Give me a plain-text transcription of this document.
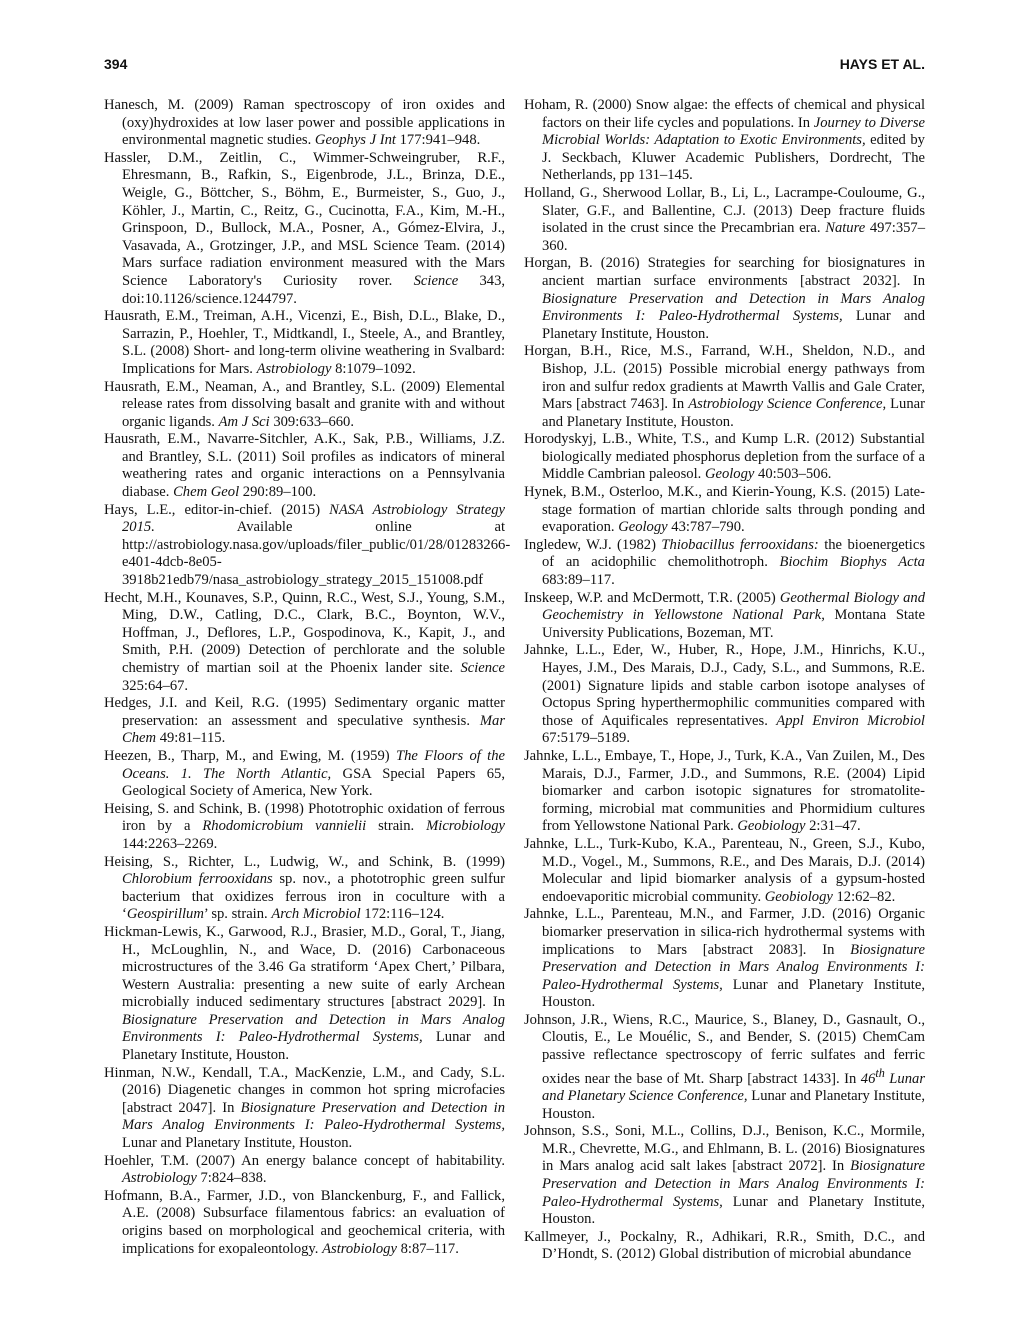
394	HAYS ET AL.

Hanesch, M. (2009) Raman spectroscopy of iron oxides and (oxy)hydroxides at low laser power and possible applications in environmental magnetic studies. Geophys J Int 177:941–948.

Hassler, D.M., Zeitlin, C., Wimmer-Schweingruber, R.F., Ehresmann, B., Rafkin, S., Eigenbrode, J.L., Brinza, D.E., Weigle, G., Böttcher, S., Böhm, E., Burmeister, S., Guo, J., Köhler, J., Martin, C., Reitz, G., Cucinotta, F.A., Kim, M.-H., Grinspoon, D., Bullock, M.A., Posner, A., Gómez-Elvira, J., Vasavada, A., Grotzinger, J.P., and MSL Science Team. (2014) Mars surface radiation environment measured with the Mars Science Laboratory's Curiosity rover. Science 343, doi:10.1126/science.1244797.

Hausrath, E.M., Treiman, A.H., Vicenzi, E., Bish, D.L., Blake, D., Sarrazin, P., Hoehler, T., Midtkandl, I., Steele, A., and Brantley, S.L. (2008) Short- and long-term olivine weathering in Svalbard: Implications for Mars. Astrobiology 8:1079–1092.

Hausrath, E.M., Neaman, A., and Brantley, S.L. (2009) Elemental release rates from dissolving basalt and granite with and without organic ligands. Am J Sci 309:633–660.

Hausrath, E.M., Navarre-Sitchler, A.K., Sak, P.B., Williams, J.Z. and Brantley, S.L. (2011) Soil profiles as indicators of mineral weathering rates and organic interactions on a Pennsylvania diabase. Chem Geol 290:89–100.

Hays, L.E., editor-in-chief. (2015) NASA Astrobiology Strategy 2015. Available online at http://astrobiology.nasa.gov/uploads/filer_public/01/28/01283266-e401-4dcb-8e05-3918b21edb79/nasa_astrobiology_strategy_2015_151008.pdf

Hecht, M.H., Kounaves, S.P., Quinn, R.C., West, S.J., Young, S.M., Ming, D.W., Catling, D.C., Clark, B.C., Boynton, W.V., Hoffman, J., Deflores, L.P., Gospodinova, K., Kapit, J., and Smith, P.H. (2009) Detection of perchlorate and the soluble chemistry of martian soil at the Phoenix lander site. Science 325:64–67.

Hedges, J.I. and Keil, R.G. (1995) Sedimentary organic matter preservation: an assessment and speculative synthesis. Mar Chem 49:81–115.

Heezen, B., Tharp, M., and Ewing, M. (1959) The Floors of the Oceans. 1. The North Atlantic, GSA Special Papers 65, Geological Society of America, New York.

Heising, S. and Schink, B. (1998) Phototrophic oxidation of ferrous iron by a Rhodomicrobium vannielii strain. Microbiology 144:2263–2269.

Heising, S., Richter, L., Ludwig, W., and Schink, B. (1999) Chlorobium ferrooxidans sp. nov., a phototrophic green sulfur bacterium that oxidizes ferrous iron in coculture with a ‘Geospirillum’ sp. strain. Arch Microbiol 172:116–124.

Hickman-Lewis, K., Garwood, R.J., Brasier, M.D., Goral, T., Jiang, H., McLoughlin, N., and Wace, D. (2016) Carbonaceous microstructures of the 3.46 Ga stratiform ‘Apex Chert,’ Pilbara, Western Australia: presenting a new suite of early Archean microbially induced sedimentary structures [abstract 2029]. In Biosignature Preservation and Detection in Mars Analog Environments I: Paleo-Hydrothermal Systems, Lunar and Planetary Institute, Houston.

Hinman, N.W., Kendall, T.A., MacKenzie, L.M., and Cady, S.L. (2016) Diagenetic changes in common hot spring microfacies [abstract 2047]. In Biosignature Preservation and Detection in Mars Analog Environments I: Paleo-Hydrothermal Systems, Lunar and Planetary Institute, Houston.

Hoehler, T.M. (2007) An energy balance concept of habitability. Astrobiology 7:824–838.

Hofmann, B.A., Farmer, J.D., von Blanckenburg, F., and Fallick, A.E. (2008) Subsurface filamentous fabrics: an evaluation of origins based on morphological and geochemical criteria, with implications for exopaleontology. Astrobiology 8:87–117.

Hoham, R. (2000) Snow algae: the effects of chemical and physical factors on their life cycles and populations. In Journey to Diverse Microbial Worlds: Adaptation to Exotic Environments, edited by J. Seckbach, Kluwer Academic Publishers, Dordrecht, The Netherlands, pp 131–145.

Holland, G., Sherwood Lollar, B., Li, L., Lacrampe-Couloume, G., Slater, G.F., and Ballentine, C.J. (2013) Deep fracture fluids isolated in the crust since the Precambrian era. Nature 497:357–360.

Horgan, B. (2016) Strategies for searching for biosignatures in ancient martian surface environments [abstract 2032]. In Biosignature Preservation and Detection in Mars Analog Environments I: Paleo-Hydrothermal Systems, Lunar and Planetary Institute, Houston.

Horgan, B.H., Rice, M.S., Farrand, W.H., Sheldon, N.D., and Bishop, J.L. (2015) Possible microbial energy pathways from iron and sulfur redox gradients at Mawrth Vallis and Gale Crater, Mars [abstract 7463]. In Astrobiology Science Conference, Lunar and Planetary Institute, Houston.

Horodyskyj, L.B., White, T.S., and Kump L.R. (2012) Substantial biologically mediated phosphorus depletion from the surface of a Middle Cambrian paleosol. Geology 40:503–506.

Hynek, B.M., Osterloo, M.K., and Kierin-Young, K.S. (2015) Late-stage formation of martian chloride salts through ponding and evaporation. Geology 43:787–790.

Ingledew, W.J. (1982) Thiobacillus ferrooxidans: the bioenergetics of an acidophilic chemolithotroph. Biochim Biophys Acta 683:89–117.

Inskeep, W.P. and McDermott, T.R. (2005) Geothermal Biology and Geochemistry in Yellowstone National Park, Montana State University Publications, Bozeman, MT.

Jahnke, L.L., Eder, W., Huber, R., Hope, J.M., Hinrichs, K.U., Hayes, J.M., Des Marais, D.J., Cady, S.L., and Summons, R.E. (2001) Signature lipids and stable carbon isotope analyses of Octopus Spring hyperthermophilic communities compared with those of Aquificales representatives. Appl Environ Microbiol 67:5179–5189.

Jahnke, L.L., Embaye, T., Hope, J., Turk, K.A., Van Zuilen, M., Des Marais, D.J., Farmer, J.D., and Summons, R.E. (2004) Lipid biomarker and carbon isotopic signatures for stromatolite-forming, microbial mat communities and Phormidium cultures from Yellowstone National Park. Geobiology 2:31–47.

Jahnke, L.L., Turk-Kubo, K.A., Parenteau, N., Green, S.J., Kubo, M.D., Vogel., M., Summons, R.E., and Des Marais, D.J. (2014) Molecular and lipid biomarker analysis of a gypsum-hosted endoevaporitic microbial community. Geobiology 12:62–82.

Jahnke, L.L., Parenteau, M.N., and Farmer, J.D. (2016) Organic biomarker preservation in silica-rich hydrothermal systems with implications to Mars [abstract 2083]. In Biosignature Preservation and Detection in Mars Analog Environments I: Paleo-Hydrothermal Systems, Lunar and Planetary Institute, Houston.

Johnson, J.R., Wiens, R.C., Maurice, S., Blaney, D., Gasnault, O., Cloutis, E., Le Mouélic, S., and Bender, S. (2015) ChemCam passive reflectance spectroscopy of ferric sulfates and ferric oxides near the base of Mt. Sharp [abstract 1433]. In 46th Lunar and Planetary Science Conference, Lunar and Planetary Institute, Houston.

Johnson, S.S., Soni, M.L., Collins, D.J., Benison, K.C., Mormile, M.R., Chevrette, M.G., and Ehlmann, B. L. (2016) Biosignatures in Mars analog acid salt lakes [abstract 2072]. In Biosignature Preservation and Detection in Mars Analog Environments I: Paleo-Hydrothermal Systems, Lunar and Planetary Institute, Houston.

Kallmeyer, J., Pockalny, R., Adhikari, R.R., Smith, D.C., and D’Hondt, S. (2012) Global distribution of microbial abundance
